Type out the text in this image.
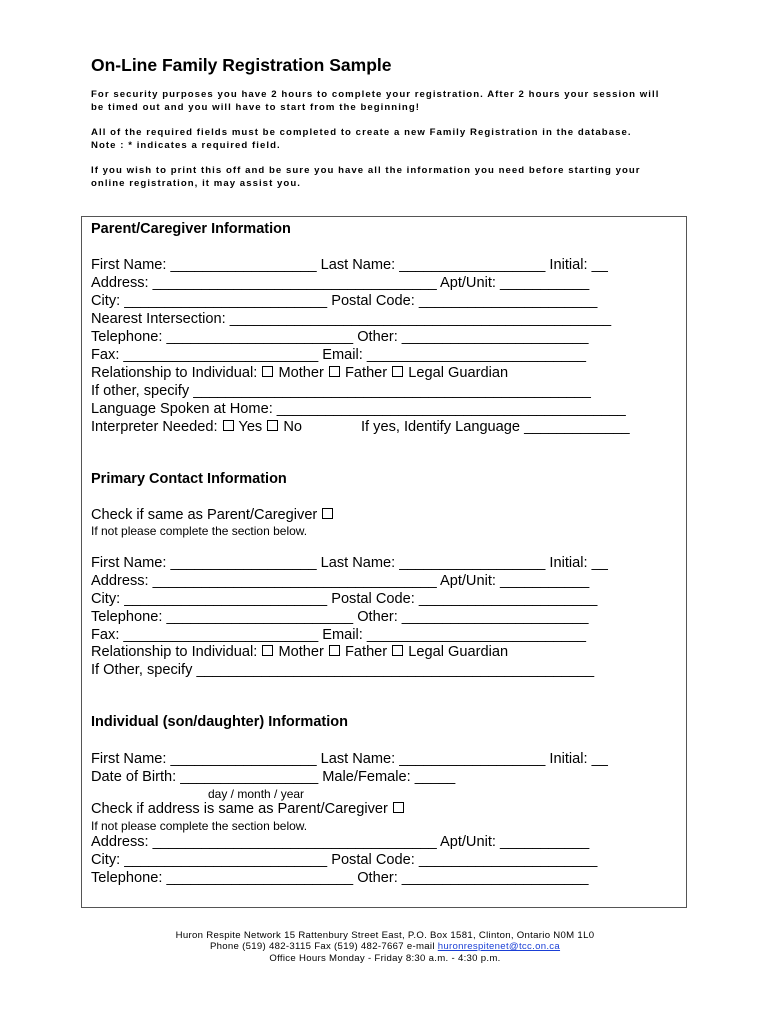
On-Line Family Registration Sample
For security purposes you have 2 hours to complete your registration. After 2 hours your session will
be timed out and you will have to start from the beginning!
All of the required fields must be completed to create a new Family Registration in the database.
Note : * indicates a required field.
If you wish to print this off and be sure you have all the information you need before starting your
online registration, it may assist you.
Parent/Caregiver Information
First Name: __________________ Last Name: __________________ Initial: __
Address: ___________________________________ Apt/Unit: ___________
City: _________________________ Postal Code: ______________________
Nearest Intersection: _______________________________________________
Telephone: _______________________ Other: _______________________
Fax: ________________________ Email: ___________________________
Relationship to Individual: Mother Father Legal Guardian
If other, specify _________________________________________________
Language Spoken at Home: ___________________________________________
Interpreter Needed: Yes No	If yes, Identify Language _____________
Primary Contact Information
Check if same as Parent/Caregiver
If not please complete the section below.
First Name: __________________ Last Name: __________________ Initial: __
Address: ___________________________________ Apt/Unit: ___________
City: _________________________ Postal Code: ______________________
Telephone: _______________________ Other: _______________________
Fax: ________________________ Email: ___________________________
Relationship to Individual: Mother Father Legal Guardian
If Other, specify _________________________________________________
Individual (son/daughter) Information
First Name: __________________ Last Name: __________________ Initial: __
Date of Birth: _________________ Male/Female: _____
day / month / year
Check if address is same as Parent/Caregiver
If not please complete the section below.
Address: ___________________________________ Apt/Unit: ___________
City: _________________________ Postal Code: ______________________
Telephone: _______________________ Other: _______________________
Huron Respite Network 15 Rattenbury Street East, P.O. Box 1581, Clinton, Ontario N0M 1L0
Phone (519) 482-3115 Fax (519) 482-7667 e-mail huronrespitenet@tcc.on.ca
Office Hours Monday - Friday 8:30 a.m. - 4:30 p.m.
